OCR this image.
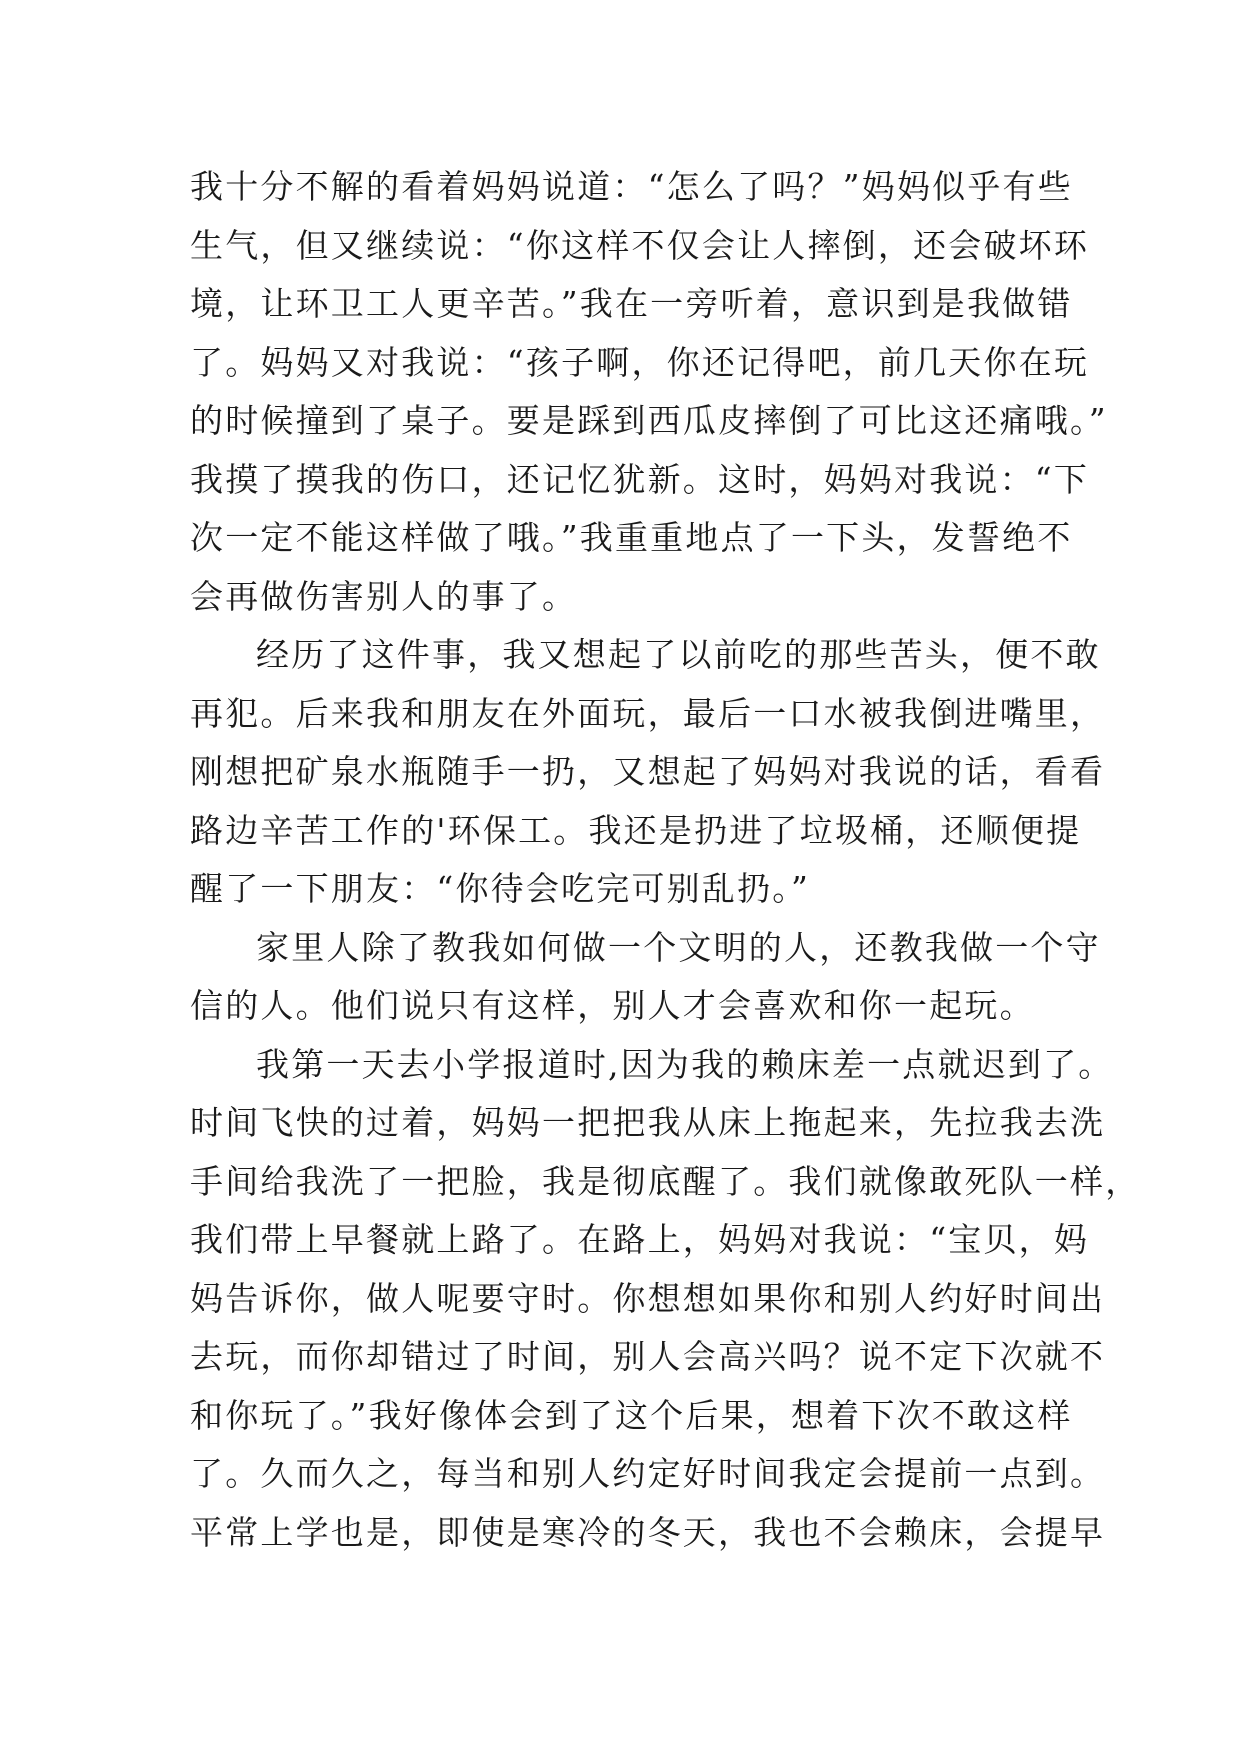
我十分不解的看着妈妈说道：“怎么了吗？”妈妈似乎有些
生气，但又继续说：“你这样不仅会让人摔倒，还会破坏环
境，让环卫工人更辛苦。”我在一旁听着，意识到是我做错
了。妈妈又对我说：“孩子啊，你还记得吧，前几天你在玩
的时候撞到了桌子。要是踩到西瓜皮摔倒了可比这还痛哦。”
我摸了摸我的伤口，还记忆犹新。这时，妈妈对我说：“下
次一定不能这样做了哦。”我重重地点了一下头，发誓绝不
会再做伤害别人的事了。
经历了这件事，我又想起了以前吃的那些苦头，便不敢
再犯。后来我和朋友在外面玩，最后一口水被我倒进嘴里，
刚想把矿泉水瓶随手一扔，又想起了妈妈对我说的话，看看
路边辛苦工作的'环保工。我还是扔进了垃圾桶，还顺便提
醒了一下朋友：“你待会吃完可别乱扔。”
家里人除了教我如何做一个文明的人，还教我做一个守
信的人。他们说只有这样，别人才会喜欢和你一起玩。
我第一天去小学报道时,因为我的赖床差一点就迟到了。
时间飞快的过着，妈妈一把把我从床上拖起来，先拉我去洗
手间给我洗了一把脸，我是彻底醒了。我们就像敢死队一样，
我们带上早餐就上路了。在路上，妈妈对我说：“宝贝，妈
妈告诉你，做人呢要守时。你想想如果你和别人约好时间出
去玩，而你却错过了时间，别人会高兴吗？说不定下次就不
和你玩了。”我好像体会到了这个后果，想着下次不敢这样
了。久而久之，每当和别人约定好时间我定会提前一点到。
平常上学也是，即使是寒冷的冬天，我也不会赖床，会提早
